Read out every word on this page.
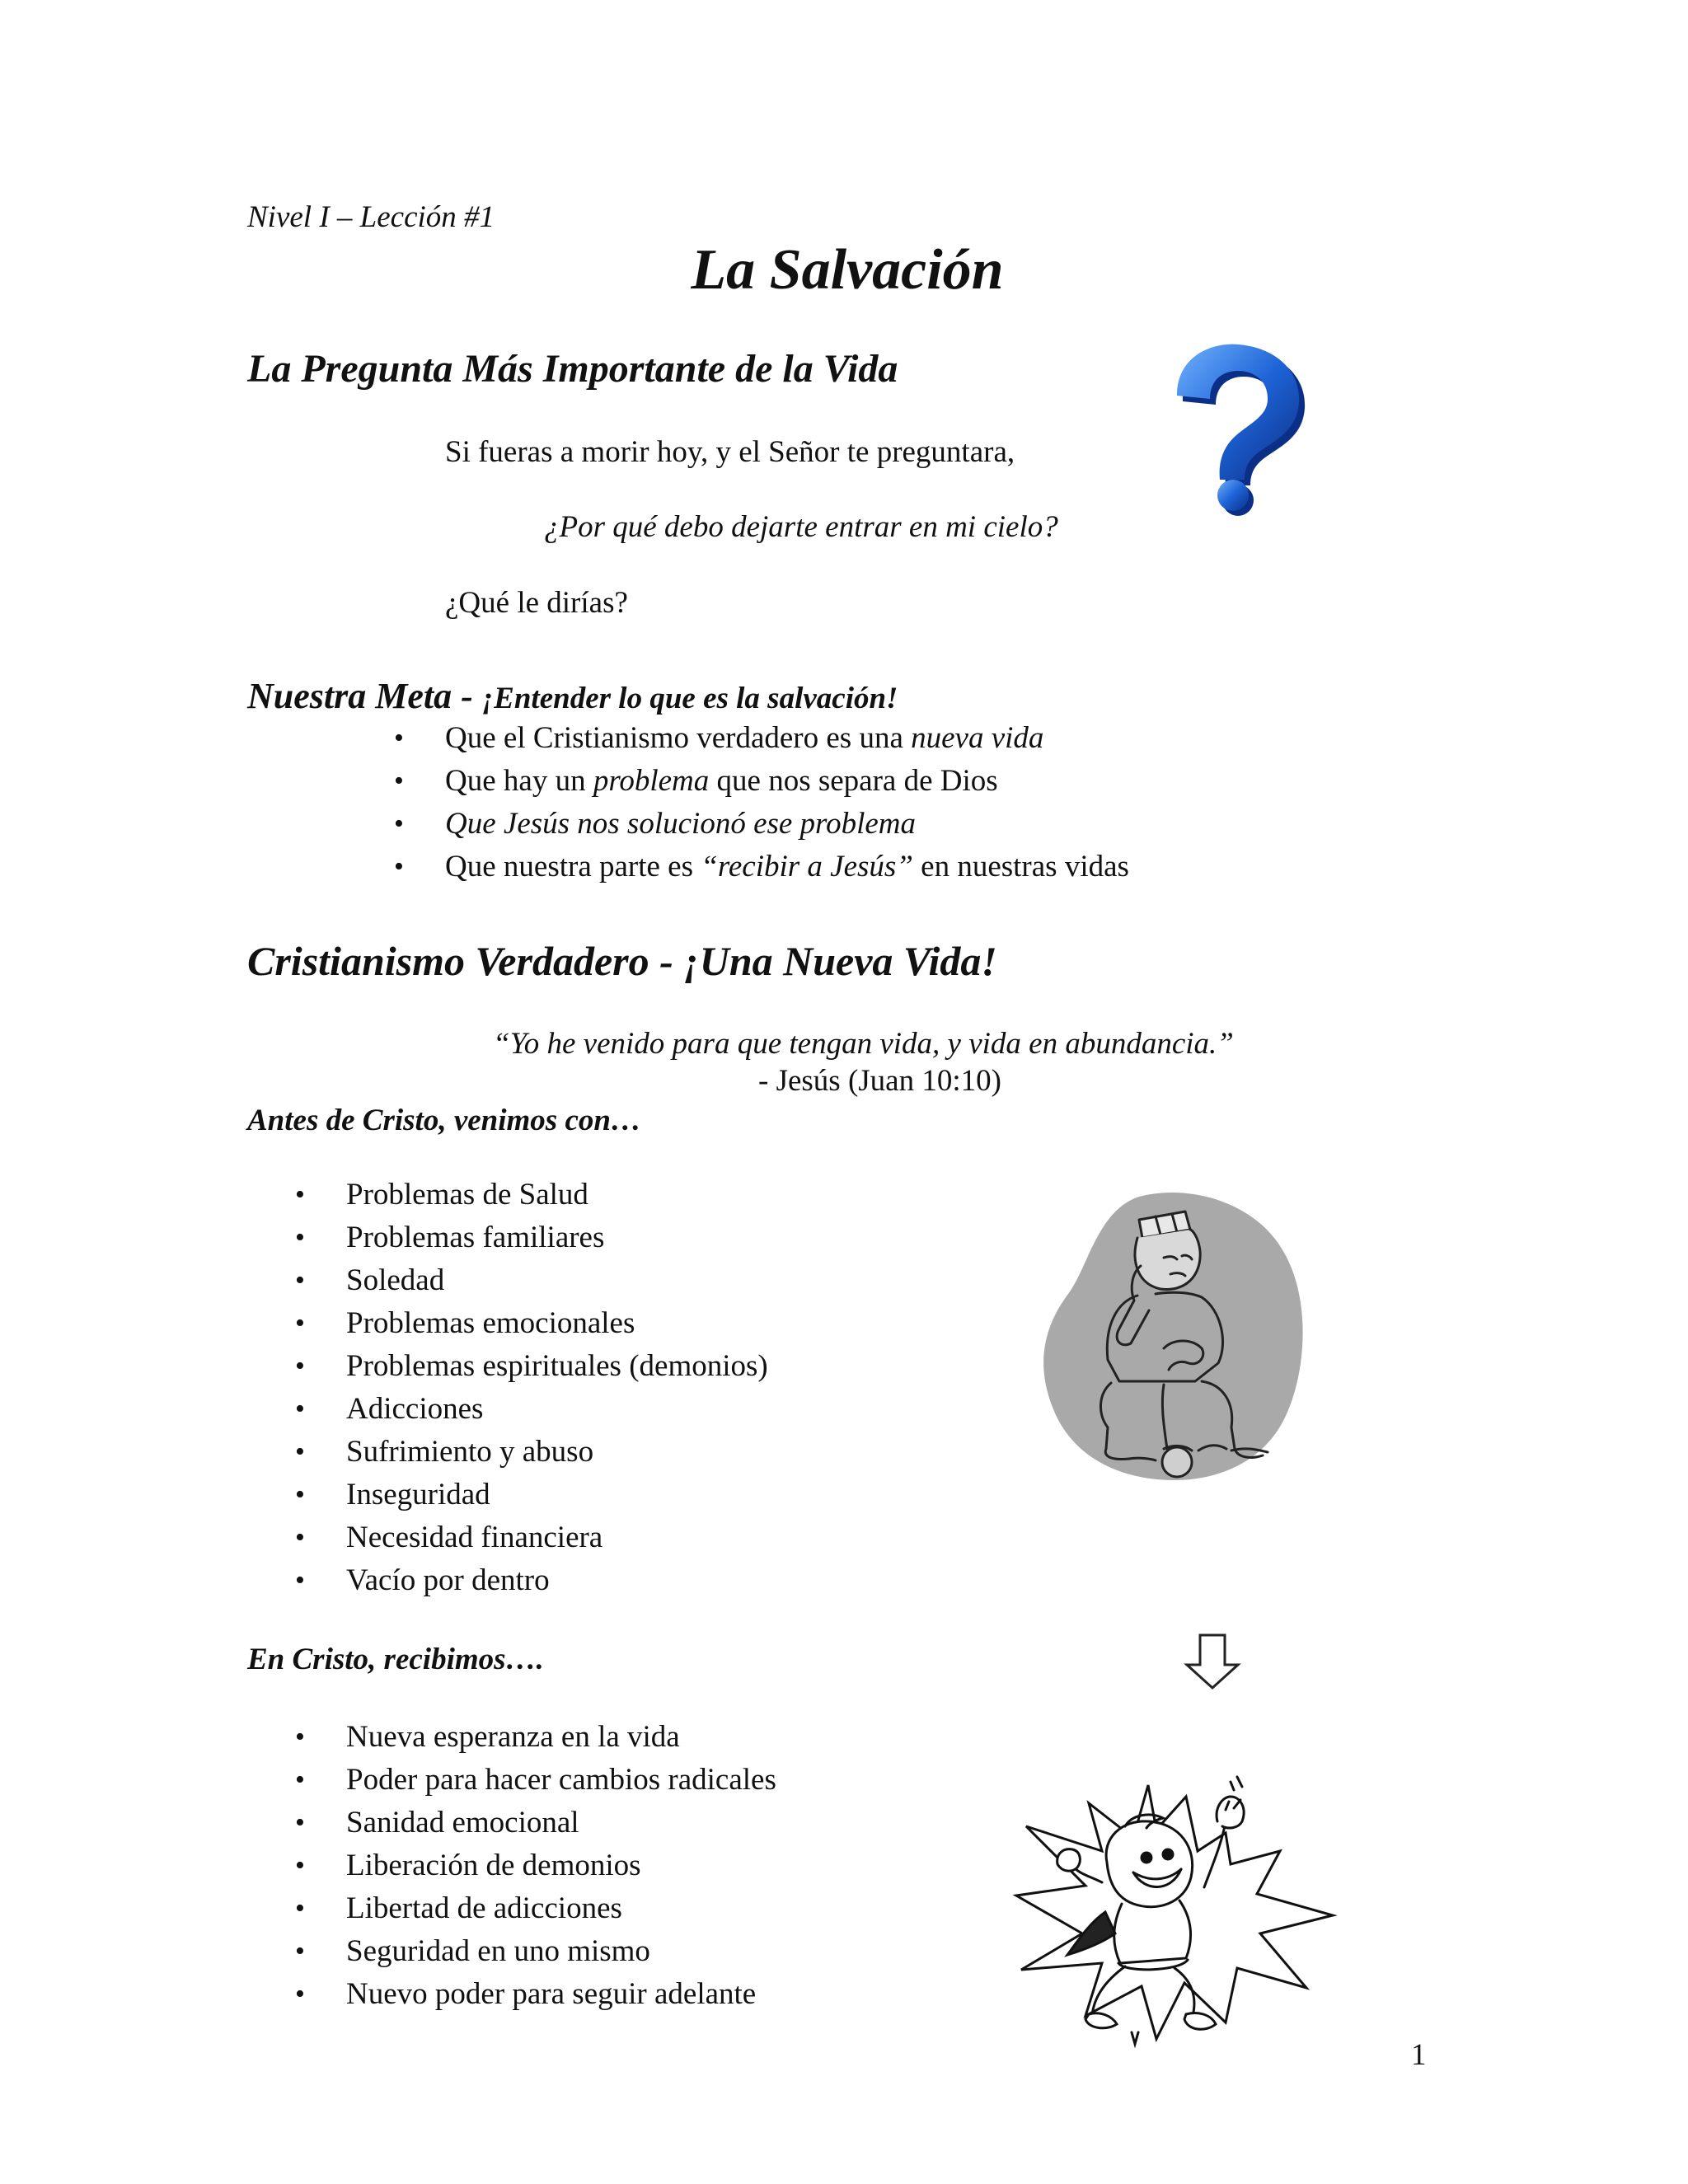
Nivel I – Lección #1
La Salvación
La Pregunta Más Importante de la Vida
Si fueras a morir hoy, y el Señor te preguntara,
¿Por qué debo dejarte entrar en mi cielo?
¿Qué le dirías?
Nuestra Meta - ¡Entender lo que es la salvación!
• Que el Cristianismo verdadero es una nueva vida
• Que hay un problema que nos separa de Dios
• Que Jesús nos solucionó ese problema
• Que nuestra parte es “recibir a Jesús” en nuestras vidas
Cristianismo Verdadero - ¡Una Nueva Vida!
“Yo he venido para que tengan vida, y vida en abundancia.”
- Jesús (Juan 10:10)
Antes de Cristo, venimos con…
• Problemas de Salud
• Problemas familiares
• Soledad
• Problemas emocionales
• Problemas espirituales (demonios)
• Adicciones
• Sufrimiento y abuso
• Inseguridad
• Necesidad financiera
• Vacío por dentro
En Cristo, recibimos….
• Nueva esperanza en la vida
• Poder para hacer cambios radicales
• Sanidad emocional
• Liberación de demonios
• Libertad de adicciones
• Seguridad en uno mismo
• Nuevo poder para seguir adelante
1
